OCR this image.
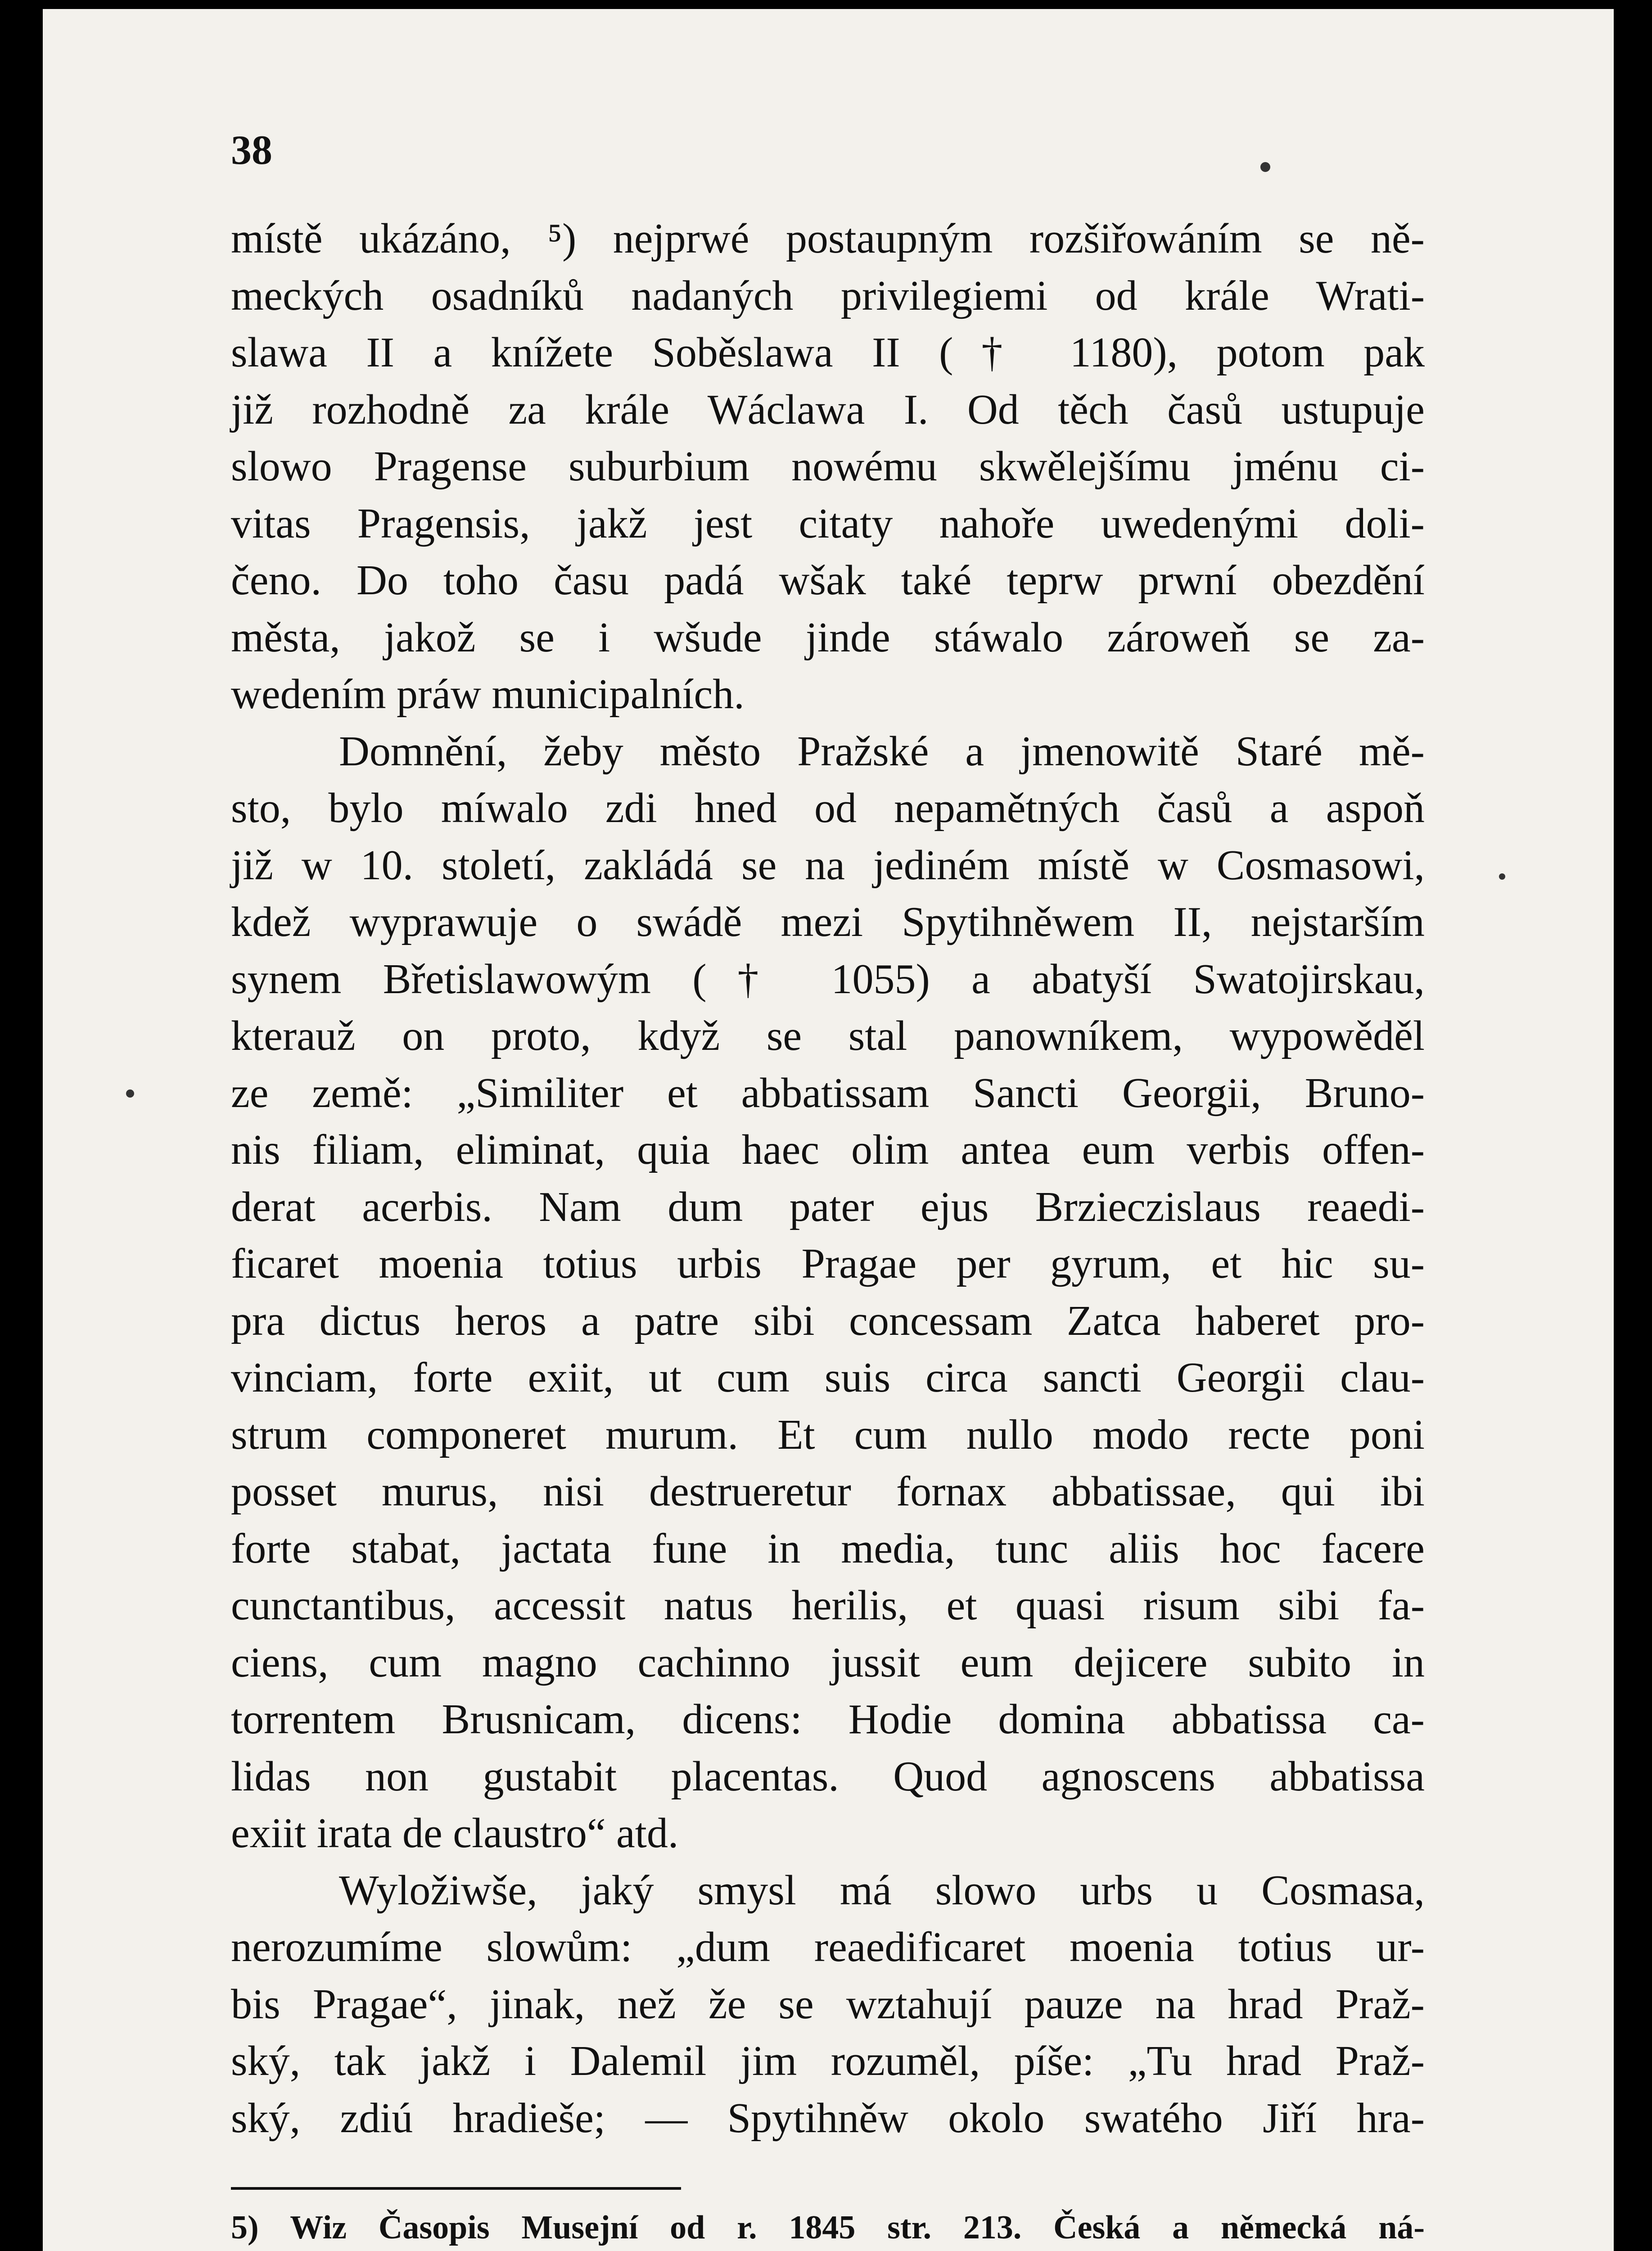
38
místě ukázáno, ⁵) nejprwé postaupným rozšiřowáním se ně-
meckých osadníků nadaných privilegiemi od krále Wrati-
slawa II a knížete Soběslawa II († 1180), potom pak
již rozhodně za krále Wáclawa I. Od těch časů ustupuje
slowo Pragense suburbium nowému skwělejšímu jménu ci-
vitas Pragensis, jakž jest citaty nahoře uwedenými doli-
čeno. Do toho času padá wšak také teprw prwní obezdění
města, jakož se i wšude jinde stáwalo zároweň se za-
wedením práw municipalních.
Domnění, žeby město Pražské a jmenowitě Staré mě-
sto, bylo míwalo zdi hned od nepamětných časů a aspoň
již w 10. století, zakládá se na jediném místě w Cosmasowi,
kdež wyprawuje o swádě mezi Spytihněwem II, nejstarším
synem Břetislawowým († 1055) a abatyší Swatojirskau,
kterauž on proto, když se stal panowníkem, wypowěděl
ze země: „Similiter et abbatissam Sancti Georgii, Bruno-
nis filiam, eliminat, quia haec olim antea eum verbis offen-
derat acerbis. Nam dum pater ejus Brzieczislaus reaedi-
ficaret moenia totius urbis Pragae per gyrum, et hic su-
pra dictus heros a patre sibi concessam Zatca haberet pro-
vinciam, forte exiit, ut cum suis circa sancti Georgii clau-
strum componeret murum. Et cum nullo modo recte poni
posset murus, nisi destrueretur fornax abbatissae, qui ibi
forte stabat, jactata fune in media, tunc aliis hoc facere
cunctantibus, accessit natus herilis, et quasi risum sibi fa-
ciens, cum magno cachinno jussit eum dejicere subito in
torrentem Brusnicam, dicens: Hodie domina abbatissa ca-
lidas non gustabit placentas. Quod agnoscens abbatissa
exiit irata de claustro“ atd.
Wyložiwše, jaký smysl má slowo urbs u Cosmasa,
nerozumíme slowům: „dum reaedificaret moenia totius ur-
bis Pragae“, jinak, než že se wztahují pauze na hrad Praž-
ský, tak jakž i Dalemil jim rozuměl, píše: „Tu hrad Praž-
ský, zdiú hradieše; — Spytihněw okolo swatého Jiří hra-
5) Wiz Časopis Musejní od r. 1845 str. 213. Česká a německá ná-
